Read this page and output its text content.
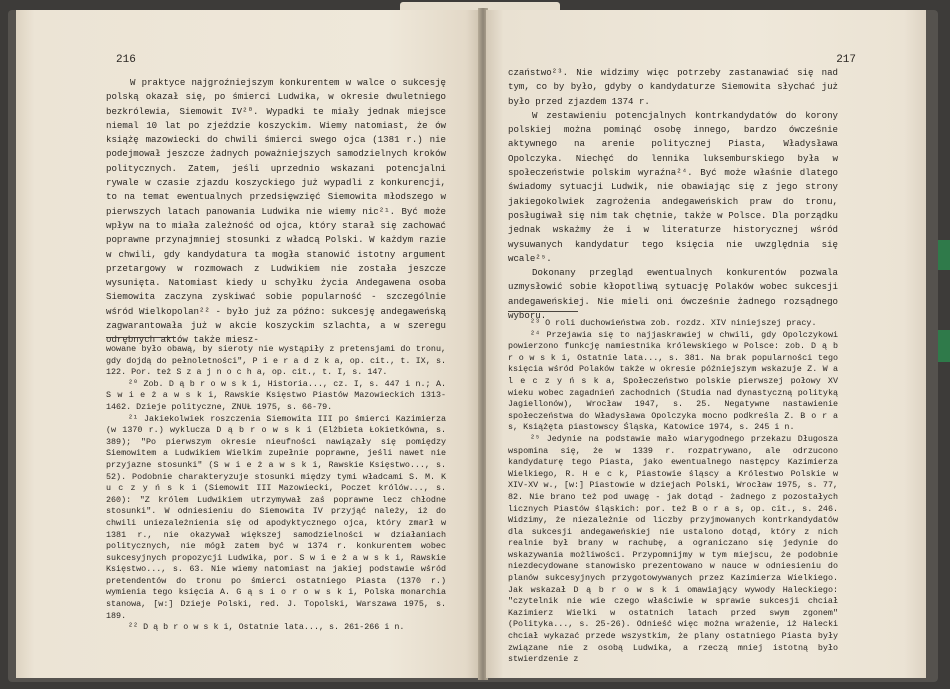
216

W praktyce najgroźniejszym konkurentem w walce o sukcesję polską okazał się, po śmierci Ludwika, w okresie dwuletniego bezkrólewia, Siemowit IV²⁰. Wypadki te miały jednak miejsce niemal 10 lat po zjeździe koszyckim. Wiemy natomiast, że ów książę mazowiecki do chwili śmierci swego ojca (1381 r.) nie podejmował jeszcze żadnych poważniejszych samodzielnych kroków politycznych. Zatem, jeśli uprzednio wskazani potencjalni rywale w czasie zjazdu koszyckiego już wypadli z konkurencji, to na temat ewentualnych przedsięwzięć Siemowita młodszego w pierwszych latach panowania Ludwika nie wiemy nic²¹. Być może wpływ na to miała zależność od ojca, który starał się zachować poprawne przynajmniej stosunki z władcą Polski. W każdym razie w chwili, gdy kandydatura ta mogła stanowić istotny argument przetargowy w rozmowach z Ludwikiem nie została jeszcze wysunięta. Natomiast kiedy u schyłku życia Andegawena osoba Siemowita zaczyna zyskiwać sobie popularność - szczególnie wśród Wielkopolan²² - było już za późno: sukcesję andegaweńską zagwarantowała już w akcie koszyckim szlachta, a w szeregu odrębnych aktów także miesz-

wowane było obawą, by sieroty nie wystąpiły z pretensjami do tronu, gdy dojdą do pełnoletności", P i e r a d z k a, op. cit., t. IX, s. 122. Por. też S z a j n o c h a, op. cit., t. I, s. 147.

²⁰ Zob. D ą b r o w s k i, Historia..., cz. I, s. 447 i n.; A. S w i e ż a w s k i, Rawskie Księstwo Piastów Mazowieckich 1313-1462. Dzieje polityczne, ZNUŁ 1975, s. 66-79.

²¹ Jakiekolwiek roszczenia Siemowita III po śmierci Kazimierza (w 1370 r.) wyklucza D ą b r o w s k i (Elżbieta Łokietkówna, s. 389); "Po pierwszym okresie nieufności nawiązały się pomiędzy Siemowitem a Ludwikiem Wielkim zupełnie poprawne, jeśli nawet nie przyjazne stosunki" (S w i e ż a w s k i, Rawskie Księstwo..., s. 52). Podobnie charakteryzuje stosunki między tymi władcami S. M. K u c z y ń s k i (Siemowit III Mazowiecki, Poczet królów..., s. 260): "Z królem Ludwikiem utrzymywał zaś poprawne lecz chłodne stosunki". W odniesieniu do Siemowita IV przyjąć należy, iż do chwili uniezależnienia się od apodyktycznego ojca, który zmarł w 1381 r., nie okazywał większej samodzielności w działaniach politycznych, nie mógł zatem być w 1374 r. konkurentem wobec sukcesyjnych propozycji Ludwika, por. S w i e ż a w s k i, Rawskie Księstwo..., s. 63. Nie wiemy natomiast na jakiej podstawie wśród pretendentów do tronu po śmierci ostatniego Piasta (1370 r.) wymienia tego księcia A. G ą s i o r o w s k i, Polska monarchia stanowa, [w:] Dzieje Polski, red. J. Topolski, Warszawa 1975, s. 189.

²² D ą b r o w s k i, Ostatnie lata..., s. 261-266 i n.

217

czaństwo²³. Nie widzimy więc potrzeby zastanawiać się nad tym, co by było, gdyby o kandydaturze Siemowita słychać już było przed zjazdem 1374 r.

W zestawieniu potencjalnych kontrkandydatów do korony polskiej można pominąć osobę innego, bardzo ówcześnie aktywnego na arenie politycznej Piasta, Władysława Opolczyka. Niechęć do lennika luksemburskiego była w społeczeństwie polskim wyraźna²⁴. Być może właśnie dlatego świadomy sytuacji Ludwik, nie obawiając się z jego strony jakiegokolwiek zagrożenia andegaweńskich praw do tronu, posługiwał się nim tak chętnie, także w Polsce. Dla porządku jednak wskażmy że i w literaturze historycznej wśród wysuwanych kandydatur tego księcia nie uwzględnia się wcale²⁵.

Dokonany przegląd ewentualnych konkurentów pozwala uzmysłowić sobie kłopotliwą sytuację Polaków wobec sukcesji andegaweńskiej. Nie mieli oni ówcześnie żadnego rozsądnego wyboru.

²³ O roli duchowieństwa zob. rozdz. XIV niniejszej pracy.

²⁴ Przejawia się to najjaskrawiej w chwili, gdy Opolczykowi powierzono funkcję namiestnika królewskiego w Polsce: zob. D ą b r o w s k i, Ostatnie lata..., s. 381. Na brak popularności tego księcia wśród Polaków także w okresie późniejszym wskazuje Z. W a l e c z y ń s k a, Społeczeństwo polskie pierwszej połowy XV wieku wobec zagadnień zachodnich (Studia nad dynastyczną polityką Jagiellonów), Wrocław 1947, s. 25. Negatywne nastawienie społeczeństwa do Władysława Opolczyka mocno podkreśla Z. B o r a s, Książęta piastowscy Śląska, Katowice 1974, s. 245 i n.

²⁵ Jedynie na podstawie mało wiarygodnego przekazu Długosza wspomina się, że w 1339 r. rozpatrywano, ale odrzucono kandydaturę tego Piasta, jako ewentualnego następcy Kazimierza Wielkiego, R. H e c k, Piastowie śląscy a Królestwo Polskie w XIV-XV w., [w:] Piastowie w dziejach Polski, Wrocław 1975, s. 77, 82. Nie brano też pod uwagę - jak dotąd - żadnego z pozostałych licznych Piastów śląskich: por. też B o r a s, op. cit., s. 246. Widzimy, że niezależnie od liczby przyjmowanych kontrkandydatów dla sukcesji andegaweńskiej nie ustalono dotąd, który z nich realnie był brany w rachubę, a ograniczano się jedynie do wskazywania możliwości. Przypomnijmy w tym miejscu, że podobnie niezdecydowane stanowisko prezentowano w nauce w odniesieniu do planów sukcesyjnych przygotowywanych przez Kazimierza Wielkiego. Jak wskazał D ą b r o w s k i omawiający wywody Haleckiego: "czytelnik nie wie czego właściwie w sprawie sukcesji chciał Kazimierz Wielki w ostatnich latach przed swym zgonem" (Polityka..., s. 25-26). Odnieść więc można wrażenie, iż Halecki chciał wykazać przede wszystkim, że plany ostatniego Piasta były związane nie z osobą Ludwika, a rzeczą mniej istotną było stwierdzenie z
